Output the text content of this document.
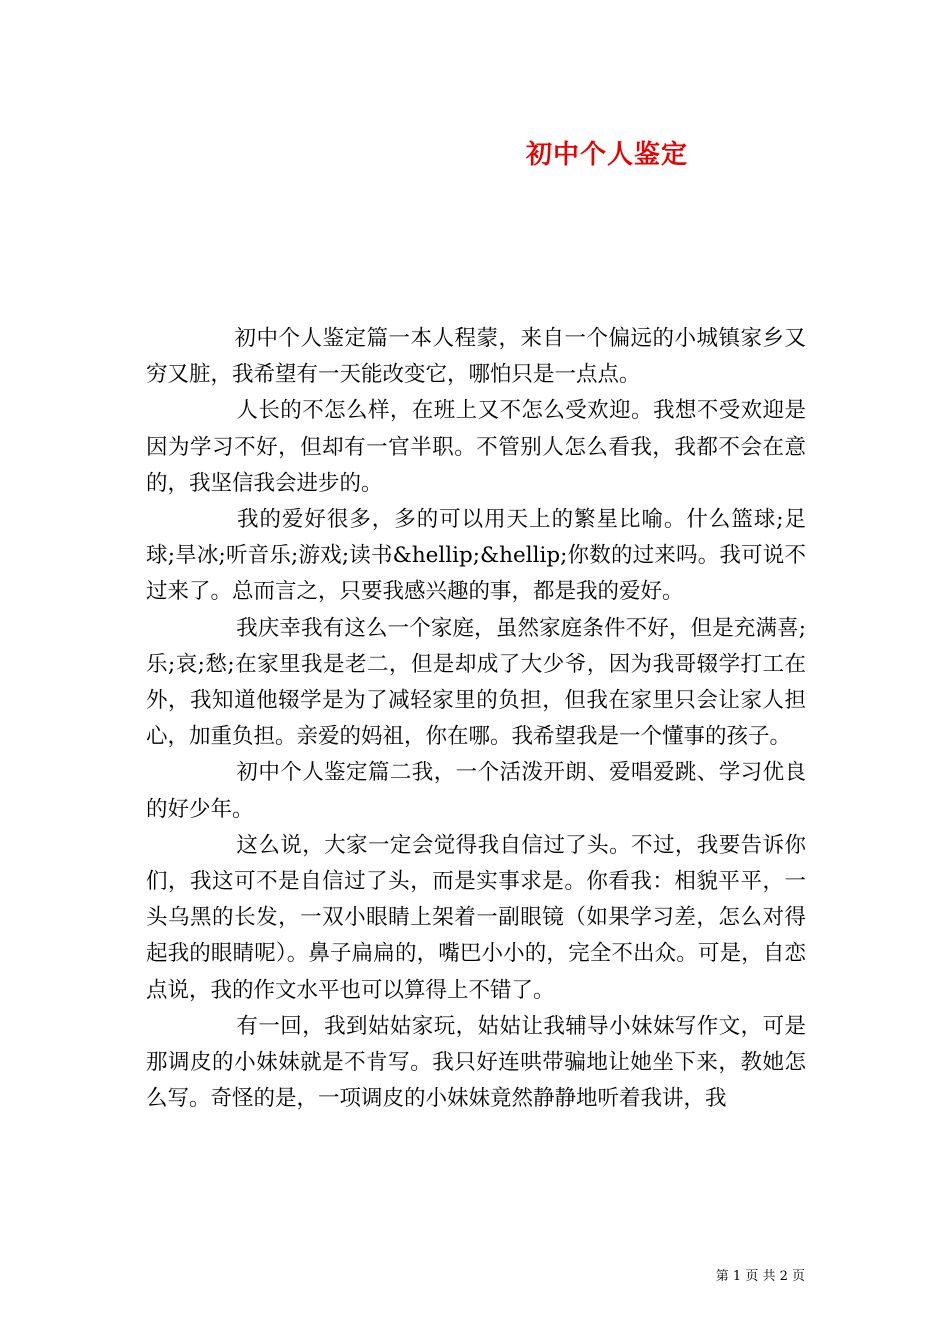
初中个人鉴定

初中个人鉴定篇一本人程蒙，来自一个偏远的小城镇家乡又穷又脏，我希望有一天能改变它，哪怕只是一点点。

人长的不怎么样，在班上又不怎么受欢迎。我想不受欢迎是因为学习不好，但却有一官半职。不管别人怎么看我，我都不会在意的，我坚信我会进步的。

我的爱好很多，多的可以用天上的繁星比喻。什么篮球;足球;旱冰;听音乐;游戏;读书&hellip;&hellip;你数的过来吗。我可说不过来了。总而言之，只要我感兴趣的事，都是我的爱好。

我庆幸我有这么一个家庭，虽然家庭条件不好，但是充满喜;乐;哀;愁;在家里我是老二，但是却成了大少爷，因为我哥辍学打工在外，我知道他辍学是为了减轻家里的负担，但我在家里只会让家人担心，加重负担。亲爱的妈祖，你在哪。我希望我是一个懂事的孩子。

初中个人鉴定篇二我，一个活泼开朗、爱唱爱跳、学习优良的好少年。

这么说，大家一定会觉得我自信过了头。不过，我要告诉你们，我这可不是自信过了头，而是实事求是。你看我：相貌平平，一头乌黑的长发，一双小眼睛上架着一副眼镜（如果学习差，怎么对得起我的眼睛呢）。鼻子扁扁的，嘴巴小小的，完全不出众。可是，自恋点说，我的作文水平也可以算得上不错了。

有一回，我到姑姑家玩，姑姑让我辅导小妹妹写作文，可是那调皮的小妹妹就是不肯写。我只好连哄带骗地让她坐下来，教她怎么写。奇怪的是，一项调皮的小妹妹竟然静静地听着我讲，我

第 1 页 共 2 页
